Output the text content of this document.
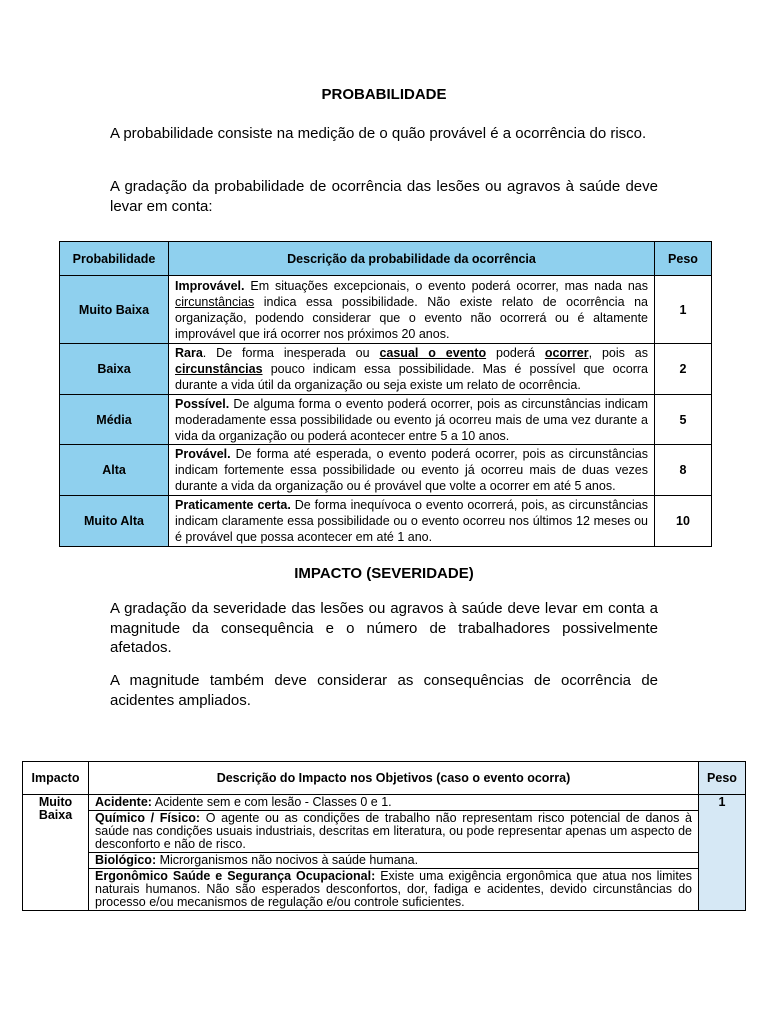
PROBABILIDADE

A probabilidade consiste na medição de o quão provável é a ocorrência do risco.

A gradação da probabilidade de ocorrência das lesões ou agravos à saúde deve levar em conta:

Probabilidade	Descrição da probabilidade da ocorrência	Peso
Muito Baixa	Improvável. Em situações excepcionais, o evento poderá ocorrer, mas nada nas circunstâncias indica essa possibilidade. Não existe relato de ocorrência na organização, podendo considerar que o evento não ocorrerá ou é altamente improvável que irá ocorrer nos próximos 20 anos.	1
Baixa	Rara. De forma inesperada ou casual o evento poderá ocorrer, pois as circunstâncias pouco indicam essa possibilidade. Mas é possível que ocorra durante a vida útil da organização ou seja existe um relato de ocorrência.	2
Média	Possível. De alguma forma o evento poderá ocorrer, pois as circunstâncias indicam moderadamente essa possibilidade ou evento já ocorreu mais de uma vez durante a vida da organização ou poderá acontecer entre 5 a 10 anos.	5
Alta	Provável. De forma até esperada, o evento poderá ocorrer, pois as circunstâncias indicam fortemente essa possibilidade ou evento já ocorreu mais de duas vezes durante a vida da organização ou é provável que volte a ocorrer em até 5 anos.	8
Muito Alta	Praticamente certa. De forma inequívoca o evento ocorrerá, pois, as circunstâncias indicam claramente essa possibilidade ou o evento ocorreu nos últimos 12 meses ou é provável que possa acontecer em até 1 ano.	10
IMPACTO (SEVERIDADE)

A gradação da severidade das lesões ou agravos à saúde deve levar em conta a magnitude da consequência e o número de trabalhadores possivelmente afetados.

A magnitude também deve considerar as consequências de ocorrência de acidentes ampliados.

Impacto	Descrição do Impacto nos Objetivos (caso o evento ocorra)	Peso
Muito Baixa	Acidente: Acidente sem e com lesão - Classes 0 e 1.	1
	Químico / Físico: O agente ou as condições de trabalho não representam risco potencial de danos à saúde nas condições usuais industriais, descritas em literatura, ou pode representar apenas um aspecto de desconforto e não de risco.	
	Biológico: Microrganismos não nocivos à saúde humana.	
	Ergonômico Saúde e Segurança Ocupacional: Existe uma exigência ergonômica que atua nos limites naturais humanos. Não são esperados desconfortos, dor, fadiga e acidentes, devido circunstâncias do processo e/ou mecanismos de regulação e/ou controle suficientes.	
